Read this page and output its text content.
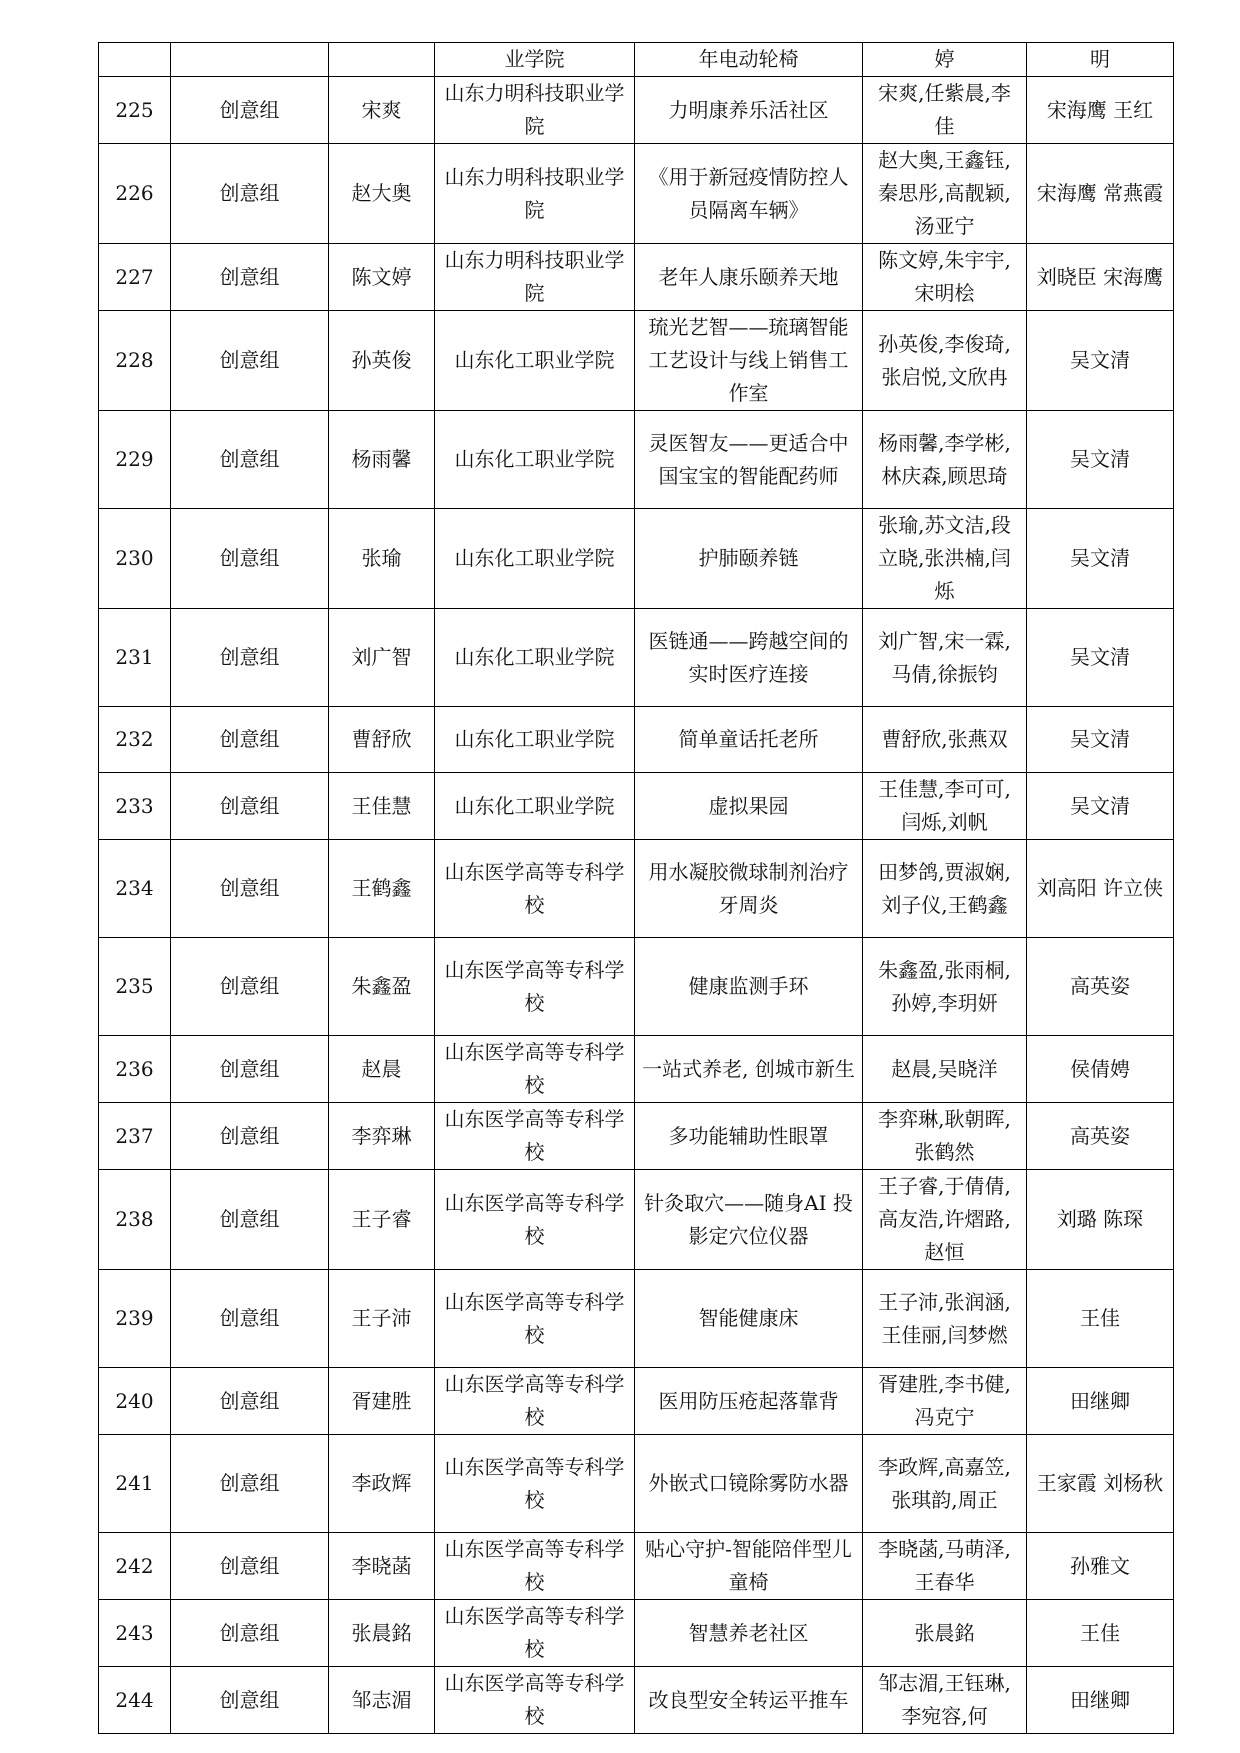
			业学院	年电动轮椅	婷	明
225	创意组	宋爽	山东力明科技职业学院	力明康养乐活社区	宋爽,任紫晨,李佳	宋海鹰 王红
226	创意组	赵大奥	山东力明科技职业学院	《用于新冠疫情防控人员隔离车辆》	赵大奥,王鑫钰,秦思彤,高靓颖,汤亚宁	宋海鹰 常燕霞
227	创意组	陈文婷	山东力明科技职业学院	老年人康乐颐养天地	陈文婷,朱宇宇,宋明桧	刘晓臣 宋海鹰
228	创意组	孙英俊	山东化工职业学院	琉光艺智——琉璃智能工艺设计与线上销售工作室	孙英俊,李俊琦,张启悦,文欣冉	吴文清
229	创意组	杨雨馨	山东化工职业学院	灵医智友——更适合中国宝宝的智能配药师	杨雨馨,李学彬,林庆森,顾思琦	吴文清
230	创意组	张瑜	山东化工职业学院	护肺颐养链	张瑜,苏文洁,段立晓,张洪楠,闫烁	吴文清
231	创意组	刘广智	山东化工职业学院	医链通——跨越空间的实时医疗连接	刘广智,宋一霖,马倩,徐振钧	吴文清
232	创意组	曹舒欣	山东化工职业学院	简单童话托老所	曹舒欣,张燕双	吴文清
233	创意组	王佳慧	山东化工职业学院	虚拟果园	王佳慧,李可可,闫烁,刘帆	吴文清
234	创意组	王鹤鑫	山东医学高等专科学校	用水凝胶微球制剂治疗牙周炎	田梦鸽,贾淑娴,刘子仪,王鹤鑫	刘高阳 许立侠
235	创意组	朱鑫盈	山东医学高等专科学校	健康监测手环	朱鑫盈,张雨桐,孙婷,李玥妍	高英姿
236	创意组	赵晨	山东医学高等专科学校	一站式养老, 创城市新生	赵晨,吴晓洋	侯倩娉
237	创意组	李弈琳	山东医学高等专科学校	多功能辅助性眼罩	李弈琳,耿朝晖,张鹤然	高英姿
238	创意组	王子睿	山东医学高等专科学校	针灸取穴——随身AI 投影定穴位仪器	王子睿,于倩倩,高友浩,许熠路,赵恒	刘璐 陈琛
239	创意组	王子沛	山东医学高等专科学校	智能健康床	王子沛,张润涵,王佳丽,闫梦燃	王佳
240	创意组	胥建胜	山东医学高等专科学校	医用防压疮起落靠背	胥建胜,李书健,冯克宁	田继卿
241	创意组	李政辉	山东医学高等专科学校	外嵌式口镜除雾防水器	李政辉,高嘉笠,张琪韵,周正	王家霞 刘杨秋
242	创意组	李晓菡	山东医学高等专科学校	贴心守护-智能陪伴型儿童椅	李晓菡,马萌泽,王春华	孙雅文
243	创意组	张晨銘	山东医学高等专科学校	智慧养老社区	张晨銘	王佳
244	创意组	邹志湄	山东医学高等专科学校	改良型安全转运平推车	邹志湄,王钰琳,李宛容,何	田继卿
